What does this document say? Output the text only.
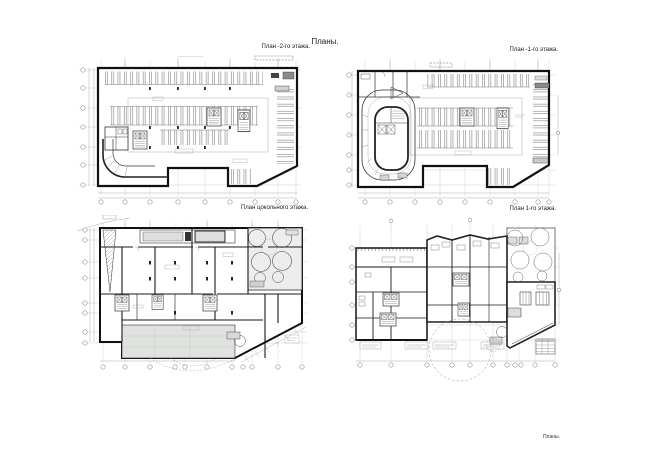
Планы.
План -2-го этажа.	План -1-го этажа.
План цокольного этажа.	План 1-го этажа.
Планы.
